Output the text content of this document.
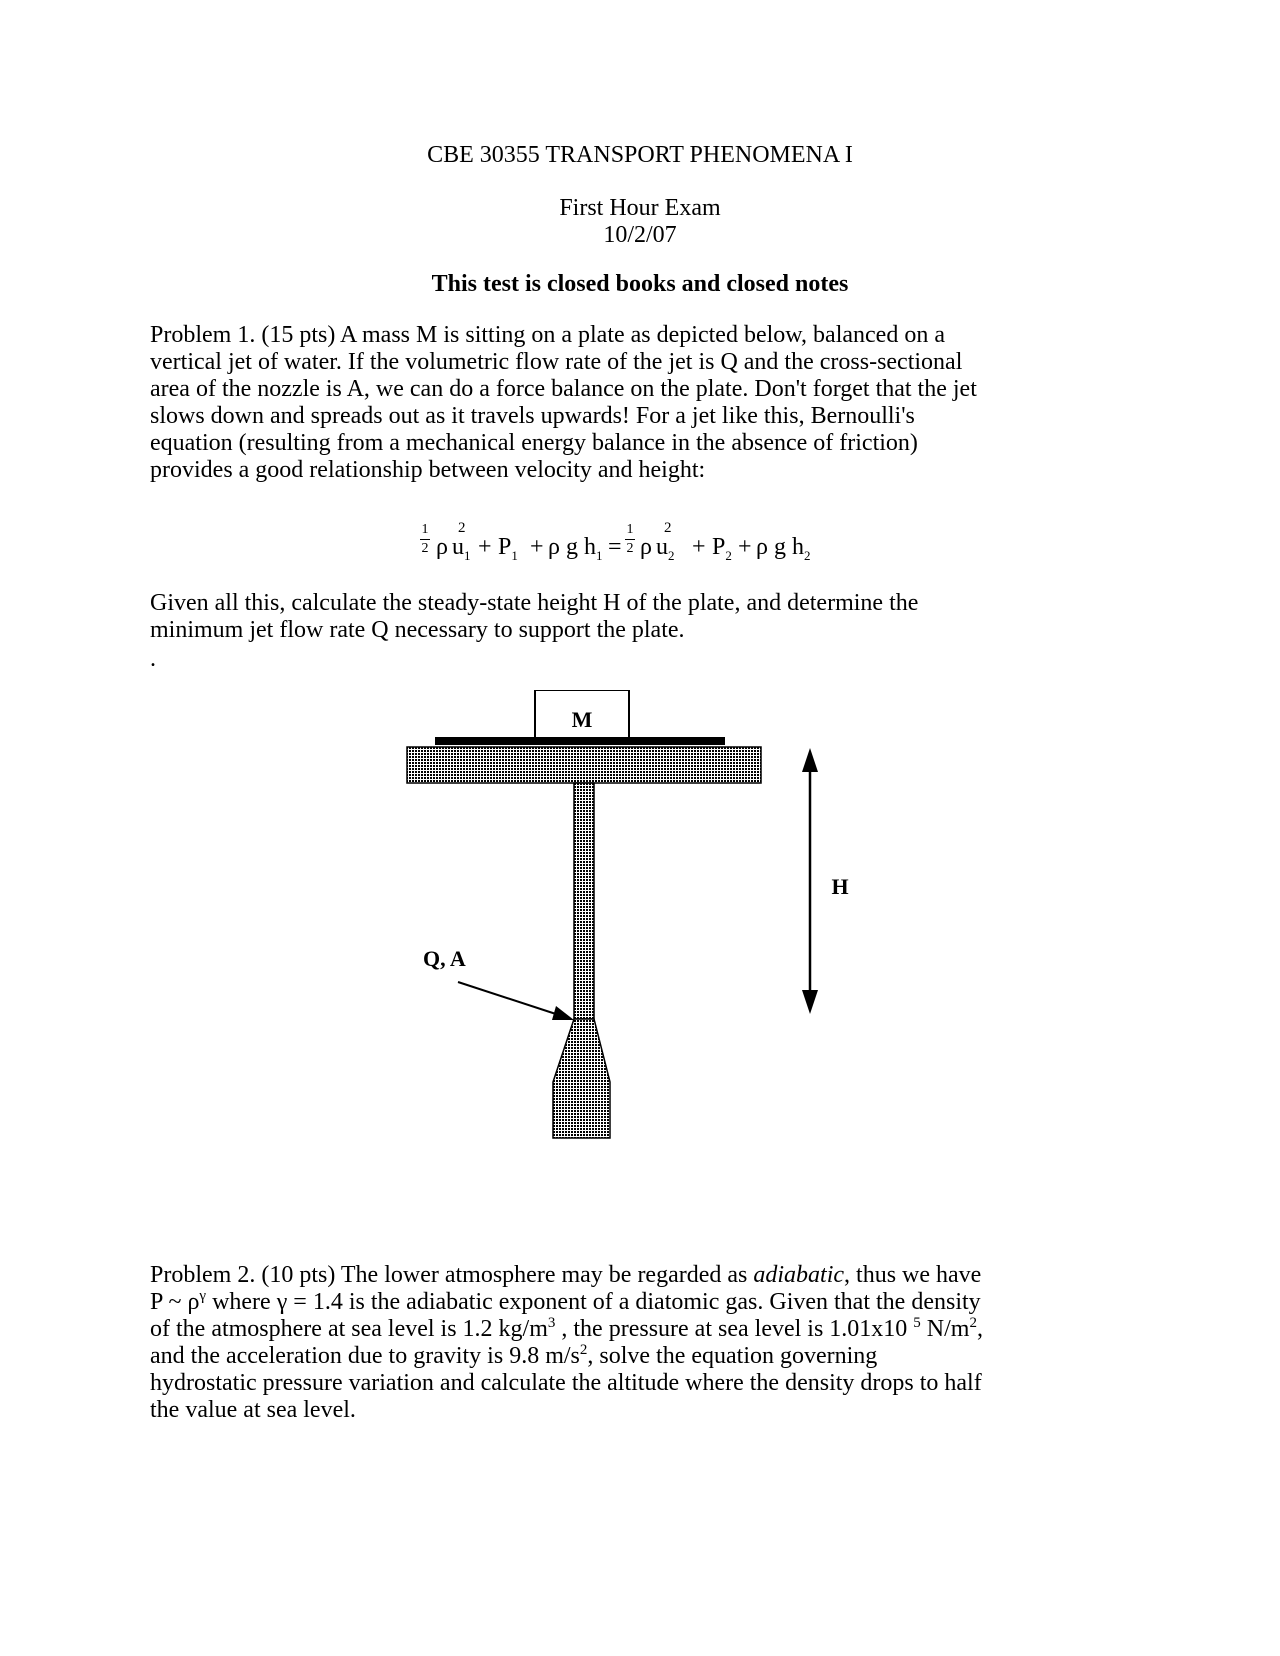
CBE 30355 TRANSPORT PHENOMENA I
First Hour Exam
10/2/07
This test is closed books and closed notes
Problem 1. (15 pts) A mass M is sitting on a plate as depicted below, balanced on a
vertical jet of water. If the volumetric flow rate of the jet is Q and the cross-sectional
area of the nozzle is A, we can do a force balance on the plate. Don't forget that the jet
slows down and spreads out as it travels upwards! For a jet like this, Bernoulli's
equation (resulting from a mechanical energy balance in the absence of friction)
provides a good relationship between velocity and height:
1
2 ρ $u_1$
2
+ $P_1 + \rho$ g $h_1$ =
1
2 ρ $u_2$
2
+ $P_2 + \rho$ g $h_2$
Given all this, calculate the steady-state height H of the plate, and determine the
minimum jet flow rate Q necessary to support the plate.
.
M
H
Q, A
Problem 2. (10 pts) The lower atmosphere may be regarded as adiabatic, thus we have
P ~ $\rho^\gamma$ where γ = 1.4 is the adiabatic exponent of a diatomic gas. Given that the density
of the atmosphere at sea level is 1.2 $kg/m^3$ , the pressure at sea level is 1.01x10 $^5$ $N/m^2$,
and the acceleration due to gravity is 9.8 $m/s^2$, solve the equation governing
hydrostatic pressure variation and calculate the altitude where the density drops to half
the value at sea level.
